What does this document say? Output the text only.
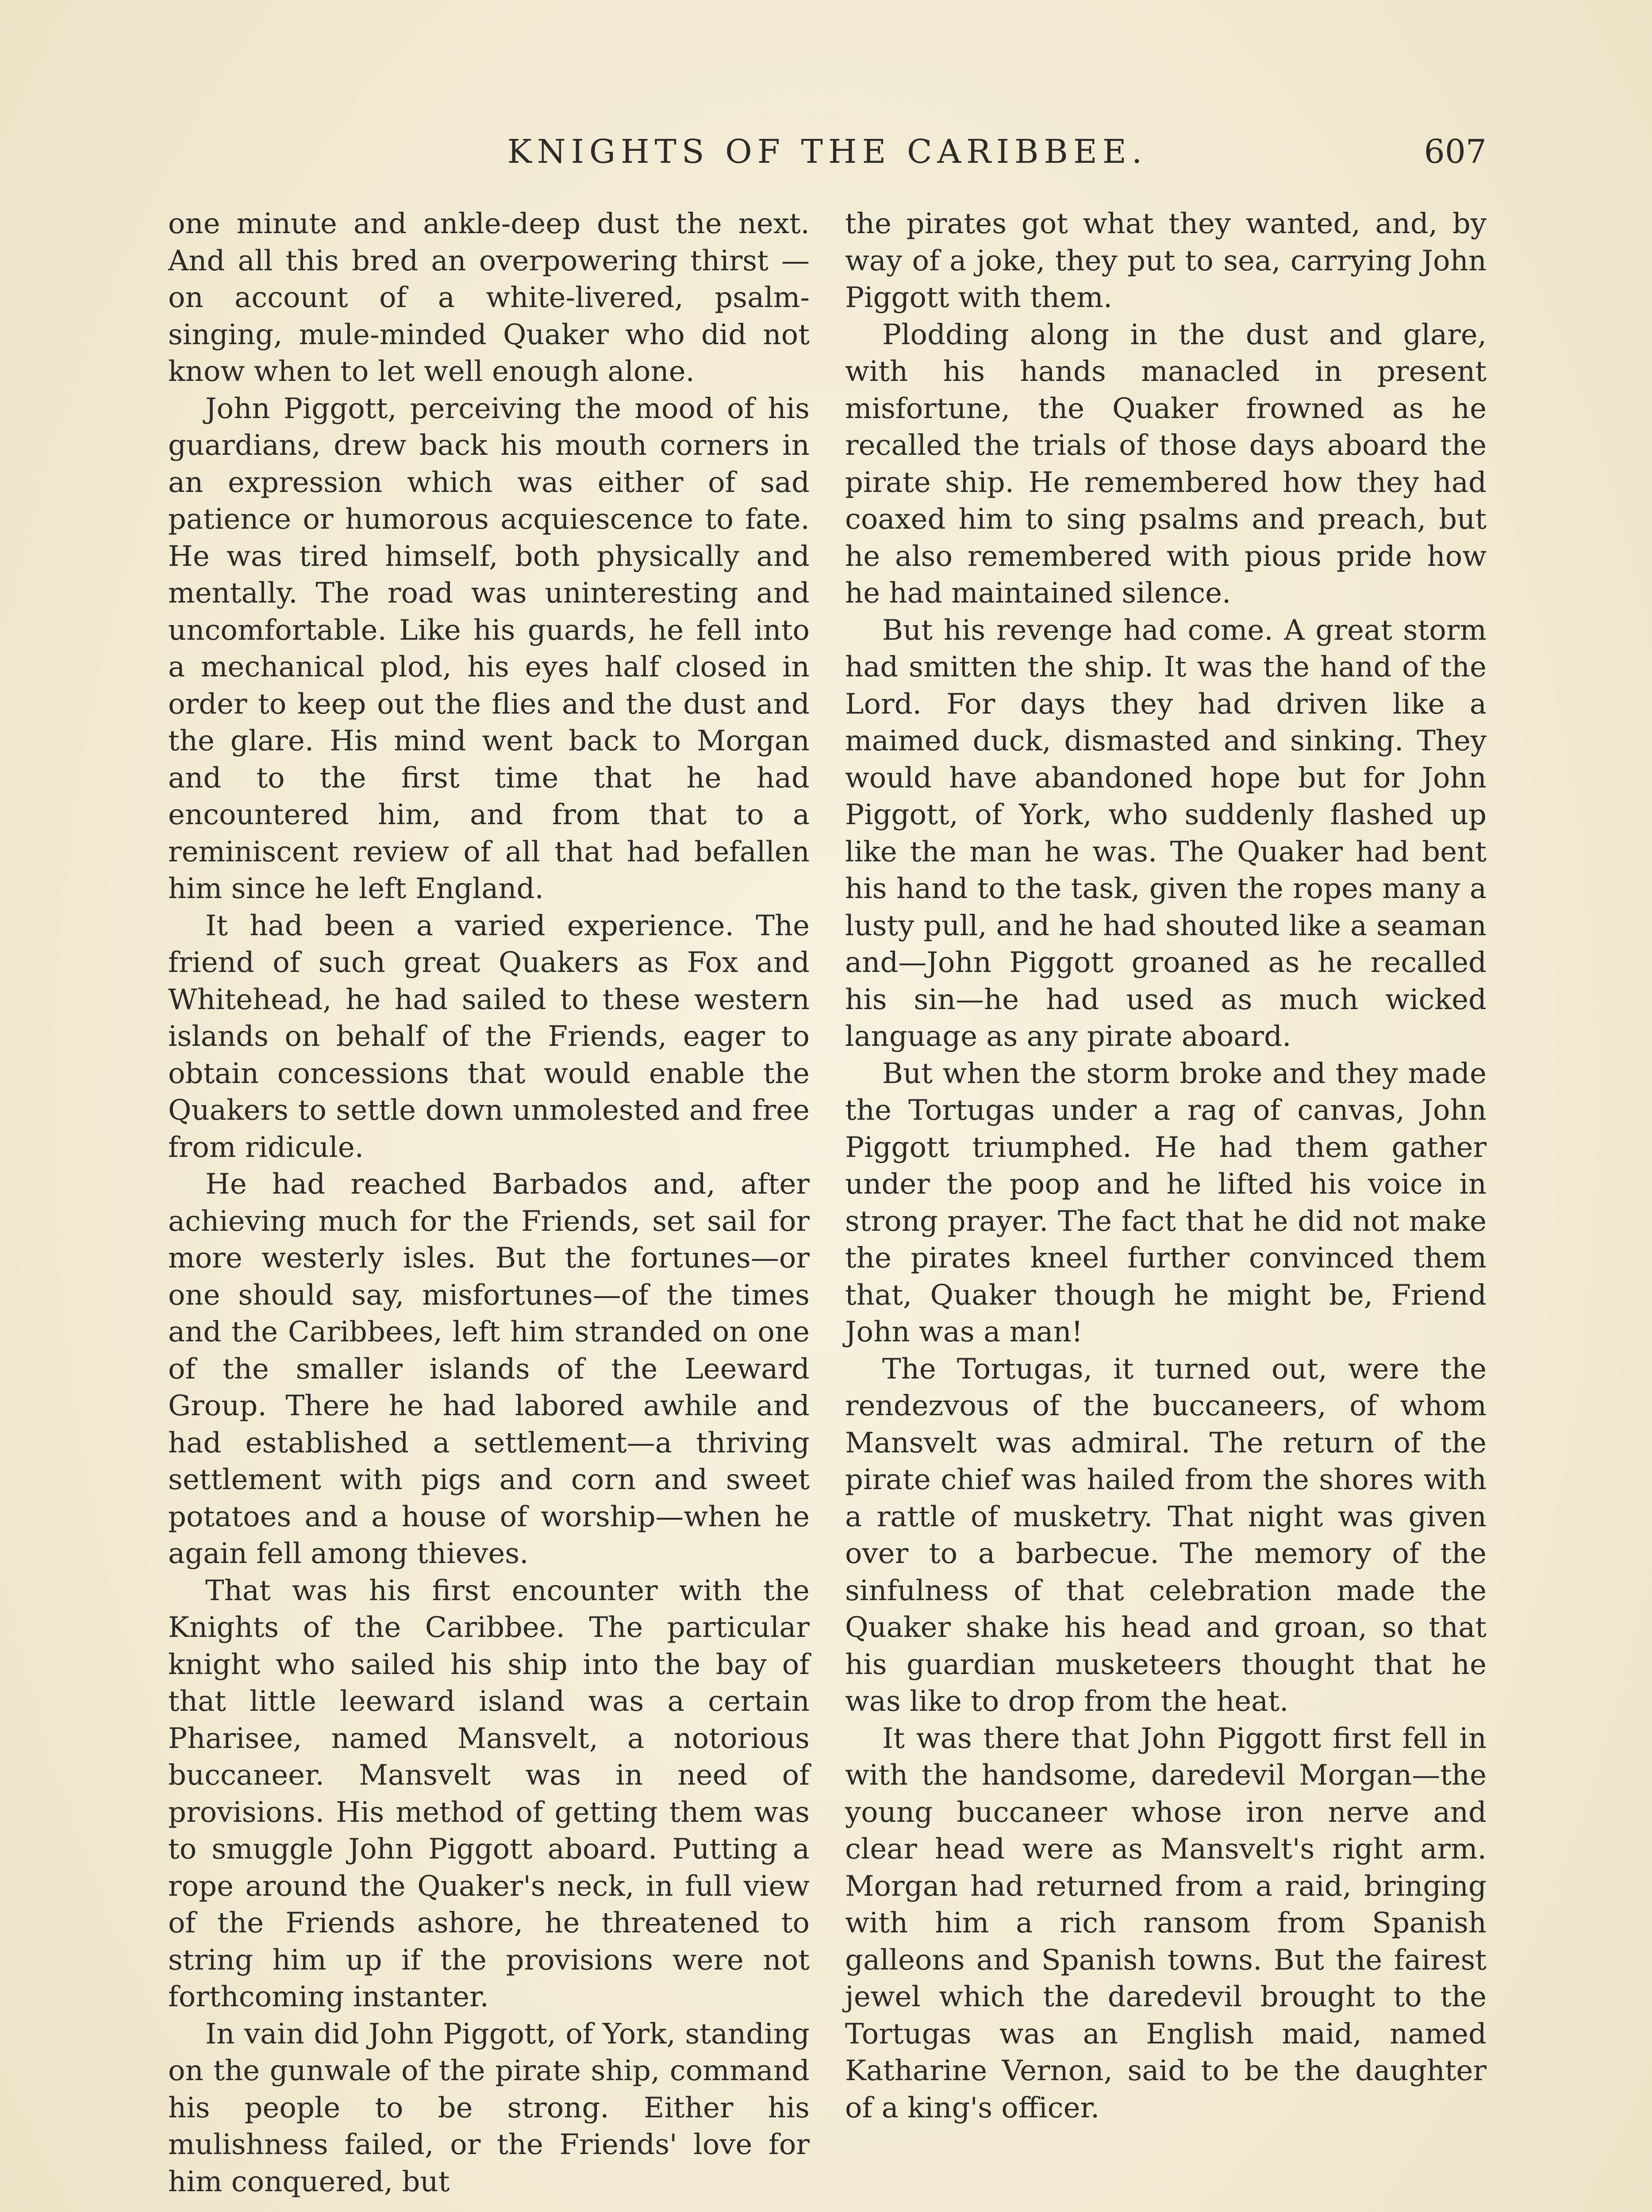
KNIGHTS OF THE CARIBBEE.	607

one minute and ankle-deep dust the next. And all this bred an overpowering thirst —on account of a white-livered, psalm-singing, mule-minded Quaker who did not know when to let well enough alone.

John Piggott, perceiving the mood of his guardians, drew back his mouth corners in an expression which was either of sad patience or humorous acquiescence to fate. He was tired himself, both physically and mentally. The road was uninteresting and uncomfortable. Like his guards, he fell into a mechanical plod, his eyes half closed in order to keep out the flies and the dust and the glare. His mind went back to Morgan and to the first time that he had encountered him, and from that to a reminiscent review of all that had befallen him since he left England.

It had been a varied experience. The friend of such great Quakers as Fox and Whitehead, he had sailed to these western islands on behalf of the Friends, eager to obtain concessions that would enable the Quakers to settle down unmolested and free from ridicule.

He had reached Barbados and, after achieving much for the Friends, set sail for more westerly isles. But the fortunes—or one should say, misfortunes—of the times and the Caribbees, left him stranded on one of the smaller islands of the Leeward Group. There he had labored awhile and had established a settlement—a thriving settlement with pigs and corn and sweet potatoes and a house of worship—when he again fell among thieves.

That was his first encounter with the Knights of the Caribbee. The particular knight who sailed his ship into the bay of that little leeward island was a certain Pharisee, named Mansvelt, a notorious buccaneer. Mansvelt was in need of provisions. His method of getting them was to smuggle John Piggott aboard. Putting a rope around the Quaker's neck, in full view of the Friends ashore, he threatened to string him up if the provisions were not forthcoming instanter.

In vain did John Piggott, of York, standing on the gunwale of the pirate ship, command his people to be strong. Either his mulishness failed, or the Friends' love for him conquered, but

the pirates got what they wanted, and, by way of a joke, they put to sea, carrying John Piggott with them.

Plodding along in the dust and glare, with his hands manacled in present misfortune, the Quaker frowned as he recalled the trials of those days aboard the pirate ship. He remembered how they had coaxed him to sing psalms and preach, but he also remembered with pious pride how he had maintained silence.

But his revenge had come. A great storm had smitten the ship. It was the hand of the Lord. For days they had driven like a maimed duck, dismasted and sinking. They would have abandoned hope but for John Piggott, of York, who suddenly flashed up like the man he was. The Quaker had bent his hand to the task, given the ropes many a lusty pull, and he had shouted like a seaman and—John Piggott groaned as he recalled his sin—he had used as much wicked language as any pirate aboard.

But when the storm broke and they made the Tortugas under a rag of canvas, John Piggott triumphed. He had them gather under the poop and he lifted his voice in strong prayer. The fact that he did not make the pirates kneel further convinced them that, Quaker though he might be, Friend John was a man!

The Tortugas, it turned out, were the rendezvous of the buccaneers, of whom Mansvelt was admiral. The return of the pirate chief was hailed from the shores with a rattle of musketry. That night was given over to a barbecue. The memory of the sinfulness of that celebration made the Quaker shake his head and groan, so that his guardian musketeers thought that he was like to drop from the heat.

It was there that John Piggott first fell in with the handsome, daredevil Morgan—the young buccaneer whose iron nerve and clear head were as Mansvelt's right arm. Morgan had returned from a raid, bringing with him a rich ransom from Spanish galleons and Spanish towns. But the fairest jewel which the daredevil brought to the Tortugas was an English maid, named Katharine Vernon, said to be the daughter of a king's officer.
